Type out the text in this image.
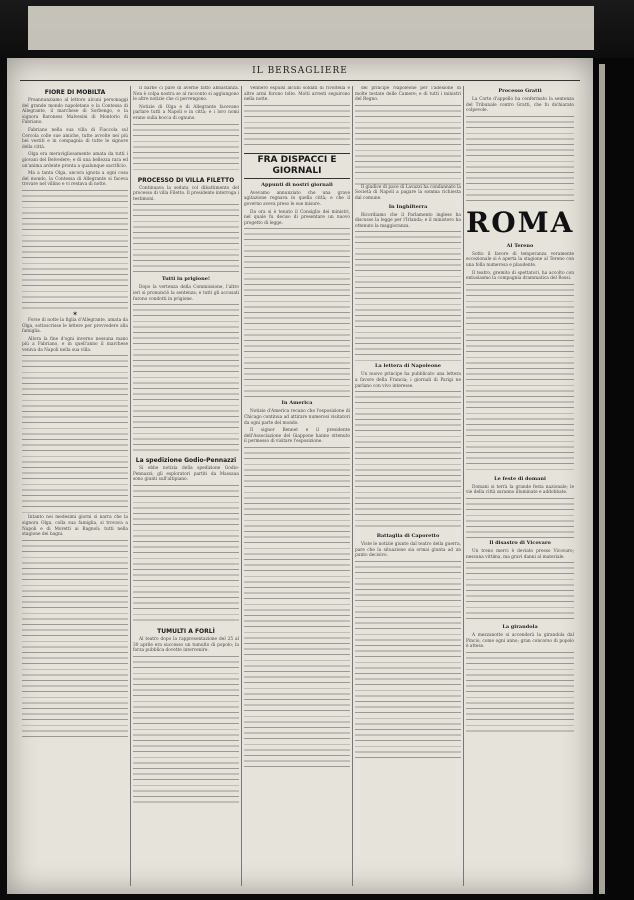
IL BERSAGLIERE
FIORE DI MOBILTA

Preannunziamo al lettore alcuni personaggi del grande mondo napoletano e la Contessa di Allegrante, il marchese di Sorbengo, e la signora Baroness Malvesini di Montorio di Fabriano.

Fabriano nella sua villa di Fiaccola sul Cercola colle sue amiche, tutte avvolte nei più bei vestiti e in compagnia di tutte le signore della città.

Olga era meravigliosamente amata da tutti i giovani del Belvedere; e di una bellezza rara ed un'anima ardente pronta a qualunque sacrificio.

Ma a tanta Olga, ancora ignota a ogni cosa del mondo, la Contessa di Allegrante si faceva trovare nel villino e vi restava di notte.

✶

Forse di notte la figlia d'Allegrante, amata da Olga, sottoscrisse le lettere per provvedere alla famiglia.

Allora la fine d'ogni inverno nessuna mano più a Fabriano, e in quell'anno il marchese veniva da Napoli nella sua villa.

Intanto nei medesimi giorni si narra che la signora Olga, colla sua famiglia, si trovava a Napoli e di Moretti ai Bagnoli; tutti nella stagione dei bagni.

Il barbe ci pare di averne fatto abbastanza. Non è colpa nostra se al racconto si aggiungono le altre notizie che ci pervengono.

Notizie di Olga e di Allegrante facevano parlare tutti a Napoli e in città; e i loro nomi erano sulla bocca di ognuno.

PROCESSO DI VILLA FILETTO

Continuava la seduta col dibattimento del processo di villa Filetto. Il presidente interroga i testimoni.

Tutti in prigione!

Dopo la vertenza della Commissione, l'altro ieri si pronunciò la sentenza; e tutti gli accusati furono condotti in prigione.

La spedizione Godio-Pennazzi

Si ebbe notizia della spedizione Godio-Pennazzi; gli esploratori partiti da Massaua sono giunti sull'altipiano.

TUMULTI A FORLÌ

Al teatro dopo la rappresentazione del 25 al 30 aprile era successo un tumulto di popolo; la forza pubblica dovette intervenire.

Vennero espulsi alcuni soldati di rivoltella e altre armi furono tolte. Molti arresti seguirono nella notte.

FRA DISPACCI E GIORNALI
Appunti di nostri giornali

Avevamo annunziato che una grave agitazione regnava in quella città; e che il governo aveva preso le sue misure.

Da ora si è tenuto il Consiglio dei ministri, nel quale fu deciso di presentare un nuovo progetto di legge.

In America

Notizie d'America recano che l'esposizione di Chicago continua ad attirare numerosi visitatori da ogni parte del mondo.

Il signor Bennet e il presidente dell'Associazione del Giappone hanno ottenuto il permesso di visitare l'esposizione.

del principe Napoleone per l'adesione di molte testate delle Camere; e di tutti i ministri del Regno.

Il giudice di pace di Lavazzi ha condannato la Società di Napoli a pagare la somma richiesta dal comune.

In Inghilterra

Ricordiamo che il Parlamento inglese ha discusso la legge per l'Irlanda; e il ministero ha ottenuto la maggioranza.

La lettera di Napoleone

Un nuovo principe ha pubblicato una lettera a favore della Francia; i giornali di Parigi ne parlano con vivo interesse.

Battaglia di Caporetto

Viste le notizie giunte dal teatro della guerra, pare che la situazione sia ormai giunta ad un punto decisivo.

Processo Gratti

La Corte d'appello ha confermato la sentenza del Tribunale contro Gratti, che fu dichiarato colpevole.

ROMA
Al Tereno

Sotto il favore di temperanza veramente eccezionale si è aperta la stagione al Tereno con una folla numerosa e plaudente.

Il teatro, gremito di spettatori, ha accolto con entusiasmo la compagnia drammatica del Rossi.

Le feste di domani

Domani si terrà la grande festa nazionale; le vie della città saranno illuminate e addobbate.

Il disastro di Vicovaro

Un treno merci è deviato presso Vicovaro; nessuna vittima, ma gravi danni al materiale.

La girandola

A mezzanotte si accenderà la girandola dal Pincio, come ogni anno; gran concorso di popolo è atteso.
